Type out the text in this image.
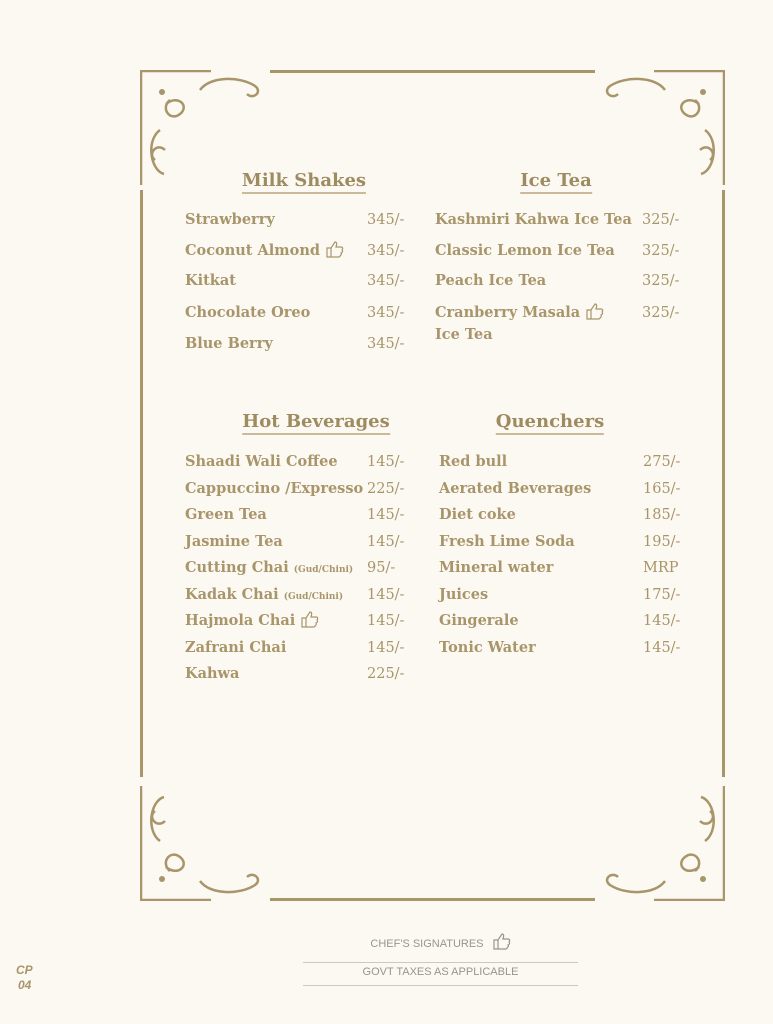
Milk Shakes
Strawberry	345/-
Coconut Almond	345/-
Kitkat	345/-
Chocolate Oreo	345/-
Blue Berry	345/-
Ice Tea
Kashmiri Kahwa Ice Tea 325/-
Classic Lemon Ice Tea 325/-
Peach Ice Tea	325/-
Cranberry Masala
Ice Tea
325/-
Hot Beverages
Shaadi Wali Coffee 145/-
Cappuccino /Expresso 225/-
Green Tea	145/-
Jasmine Tea	145/-
Cutting Chai (Gud/Chini) 95/-
Kadak Chai (Gud/Chini) 145/-
Hajmola Chai	145/-
Zafrani Chai	145/-
Kahwa	225/-
Quenchers
Red bull	275/-
Aerated Beverages	165/-
Diet coke	185/-
Fresh Lime Soda	195/-
Mineral water	MRP
Juices	175/-
Gingerale	145/-
Tonic Water	145/-
CHEF'S SIGNATURES
GOVT TAXES AS APPLICABLE
CP
04
